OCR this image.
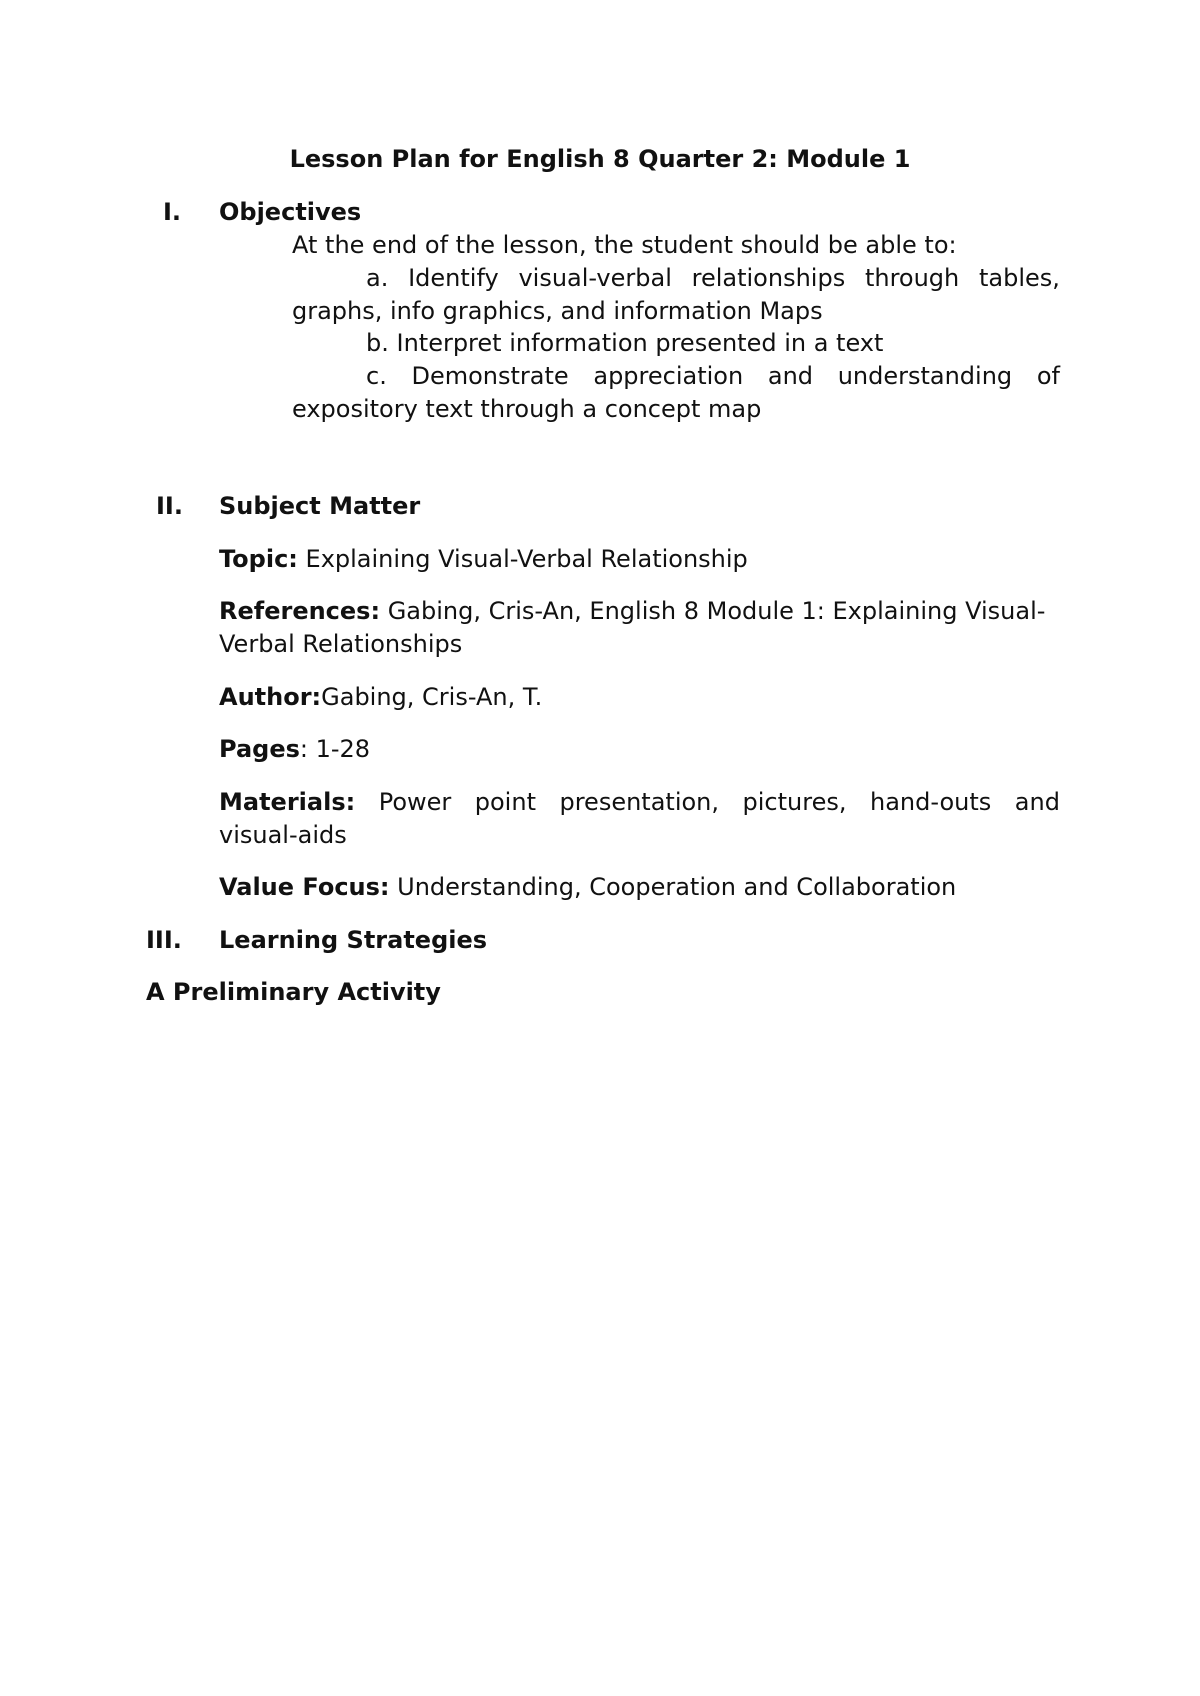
Lesson Plan for English 8 Quarter 2: Module 1
I. Objectives
At the end of the lesson, the student should be able to:
a. Identify visual-verbal relationships through tables,
graphs, info graphics, and information Maps
b. Interpret information presented in a text
c. Demonstrate appreciation and understanding of
expository text through a concept map
II. Subject Matter
Topic: Explaining Visual-Verbal Relationship
References: Gabing, Cris-An, English 8 Module 1: Explaining Visual-
Verbal Relationships
Author:Gabing, Cris-An, T.
Pages: 1-28
Materials: Power point presentation, pictures, hand-outs and
visual-aids
Value Focus: Understanding, Cooperation and Collaboration
III. Learning Strategies
A Preliminary Activity
